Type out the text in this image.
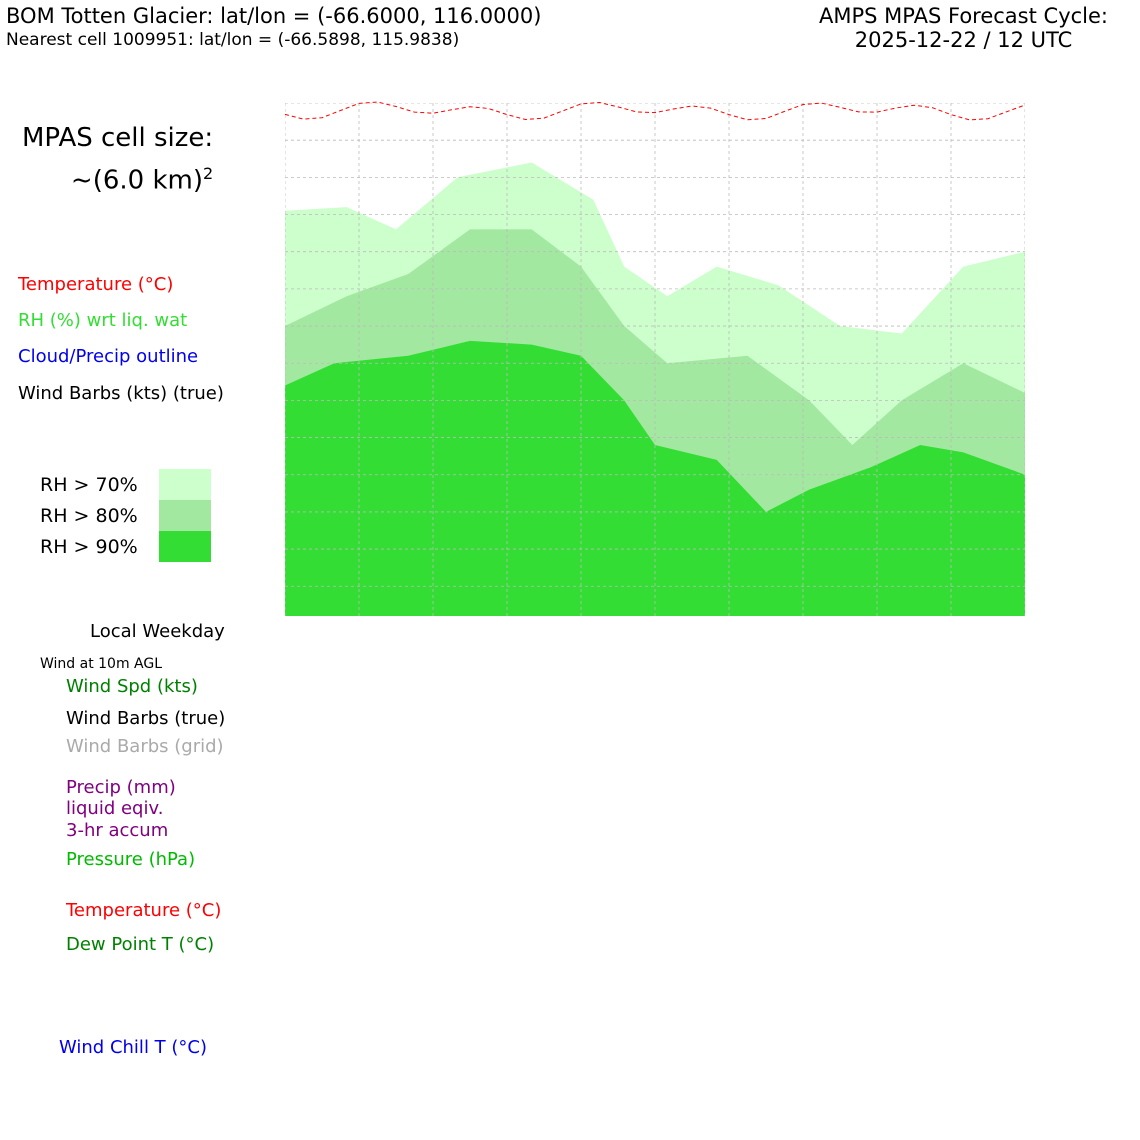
BOM Totten Glacier: lat/lon = (-66.6000, 116.0000)
Nearest cell 1009951: lat/lon = (-66.5898, 115.9838)
AMPS MPAS Forecast Cycle:
2025-12-22 / 12 UTC
MPAS cell size:
~(6.0 km)$^2$
Temperature (°C)
RH (%) wrt liq. wat
Cloud/Precip outline
Wind Barbs (kts) (true)
RH > 70%
RH > 80%
RH > 90%
Local Weekday
Wind at 10m AGL
Wind Spd (kts)
Wind Barbs (true)
Wind Barbs (grid)
Precip (mm)
liquid eqiv.
3-hr accum
Pressure (hPa)
Temperature (°C)
Dew Point T (°C)
Wind Chill T (°C)
